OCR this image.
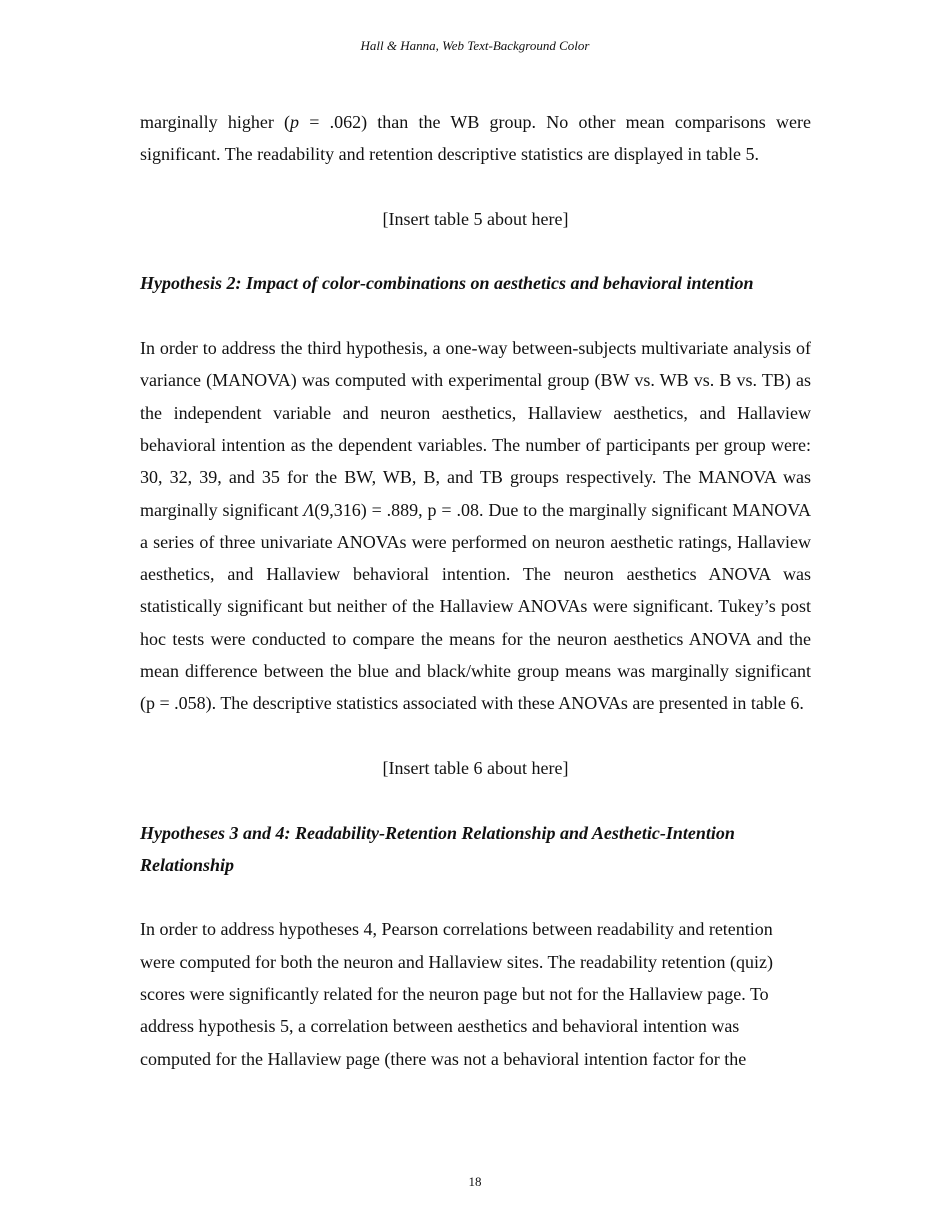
Hall & Hanna, Web Text-Background Color

marginally higher (p = .062) than the WB group. No other mean comparisons were significant. The readability and retention descriptive statistics are displayed in table 5.

[Insert table 5 about here]

Hypothesis 2: Impact of color-combinations on aesthetics and behavioral intention

In order to address the third hypothesis, a one-way between-subjects multivariate analysis of variance (MANOVA) was computed with experimental group (BW vs. WB vs. B vs. TB) as the independent variable and neuron aesthetics, Hallaview aesthetics, and Hallaview behavioral intention as the dependent variables. The number of participants per group were: 30, 32, 39, and 35 for the BW, WB, B, and TB groups respectively. The MANOVA was marginally significant Λ(9,316) = .889, p = .08. Due to the marginally significant MANOVA a series of three univariate ANOVAs were performed on neuron aesthetic ratings, Hallaview aesthetics, and Hallaview behavioral intention. The neuron aesthetics ANOVA was statistically significant but neither of the Hallaview ANOVAs were significant. Tukey’s post hoc tests were conducted to compare the means for the neuron aesthetics ANOVA and the mean difference between the blue and black/white group means was marginally significant (p = .058). The descriptive statistics associated with these ANOVAs are presented in table 6.

[Insert table 6 about here]

Hypotheses 3 and 4: Readability-Retention Relationship and Aesthetic-Intention Relationship

In order to address hypotheses 4, Pearson correlations between readability and retention were computed for both the neuron and Hallaview sites. The readability retention (quiz) scores were significantly related for the neuron page but not for the Hallaview page. To address hypothesis 5, a correlation between aesthetics and behavioral intention was computed for the Hallaview page (there was not a behavioral intention factor for the

18
